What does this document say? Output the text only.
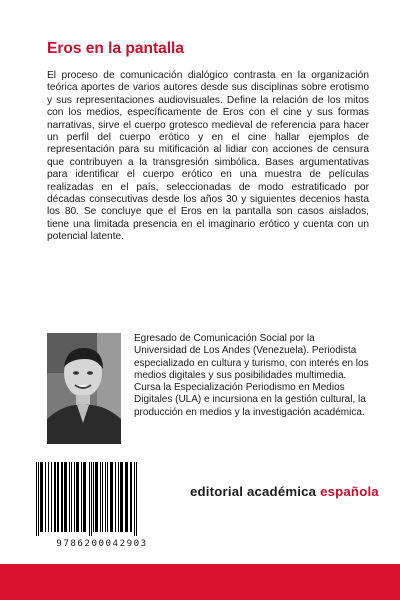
Eros en la pantalla

El proceso de comunicación dialógico contrasta en la organización teórica aportes de varios autores desde sus disciplinas sobre erotismo y sus representaciones audiovisuales. Define la relación de los mitos con los medios, específicamente de Eros con el cine y sus formas narrativas, sirve el cuerpo grotesco medieval de referencia para hacer un perfil del cuerpo erótico y en el cine hallar ejemplos de representación para su mitificación al lidiar con acciones de censura que contribuyen a la transgresión simbólica. Bases argumentativas para identificar el cuerpo erótico en una muestra de películas realizadas en el país, seleccionadas de modo estratificado por décadas consecutivas desde los años 30 y siguientes decenios hasta los 80. Se concluye que el Eros en la pantalla son casos aislados, tiene una limitada presencia en el imaginario erótico y cuenta con un potencial latente.

Egresado de Comunicación Social por la Universidad de Los Andes (Venezuela). Periodista especializado en cultura y turismo, con interés en los medios digitales y sus posibilidades multimedia. Cursa la Especialización Periodismo en Medios Digitales (ULA) e incursiona en la gestión cultural, la producción en medios y la investigación académica.

9786200042903
editorial académica española
